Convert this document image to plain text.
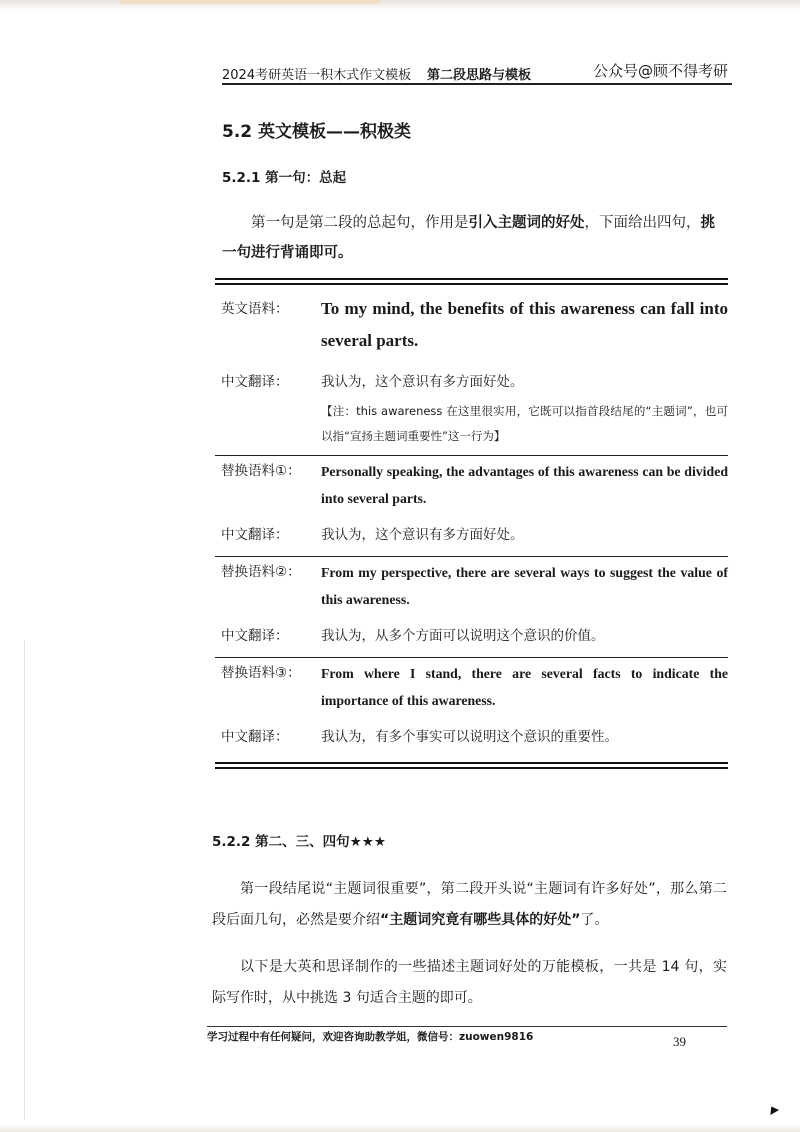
2024考研英语一积木式作文模板 第二段思路与模板	公众号@顾不得考研
5.2 英文模板——积极类
5.2.1 第一句：总起
第一句是第二段的总起句，作用是引入主题词的好处，下面给出四句，挑一句进行背诵即可。
英文语料：	To my mind, the benefits of this awareness can fall into several parts.
中文翻译：	我认为，这个意识有多方面好处。
【注：this awareness 在这里很实用，它既可以指首段结尾的“主题词”，也可以指“宣扬主题词重要性”这一行为】
替换语料①：	Personally speaking, the advantages of this awareness can be divided into several parts.
中文翻译：	我认为，这个意识有多方面好处。
替换语料②：	From my perspective, there are several ways to suggest the value of this awareness.
中文翻译：	我认为，从多个方面可以说明这个意识的价值。
替换语料③：	From where I stand, there are several facts to indicate the importance of this awareness.
中文翻译：	我认为，有多个事实可以说明这个意识的重要性。
5.2.2 第二、三、四句★★★
第一段结尾说“主题词很重要”，第二段开头说“主题词有许多好处”，那么第二段后面几句，必然是要介绍“主题词究竟有哪些具体的好处”了。
以下是大英和思译制作的一些描述主题词好处的万能模板，一共是 14 句，实际写作时，从中挑选 3 句适合主题的即可。
学习过程中有任何疑问，欢迎咨询助教学姐，微信号：zuowen9816	39
